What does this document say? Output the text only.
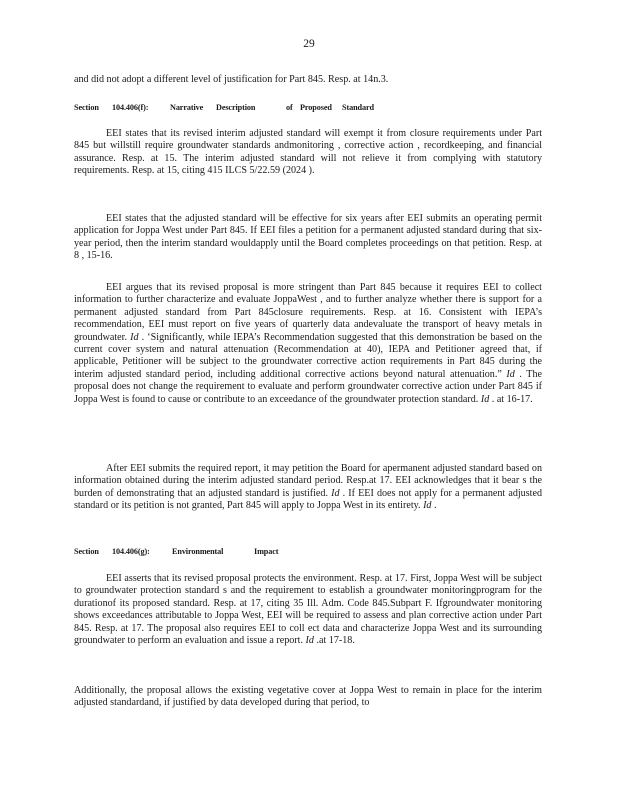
29

and did not adopt a different level of justification for Part 845. Resp. at 14n.3.

Section 104.406(f):	Narrative Description	of Proposed Standard

EEI states that its revised interim adjusted standard will exempt it from closure requirements under Part 845 but willstill require groundwater standards andmonitoring , corrective action , recordkeeping, and financial assurance. Resp. at 15. The interim adjusted standard will not relieve it from complying with statutory requirements. Resp. at 15, citing 415 ILCS 5/22.59 (2024 ).

EEI states that the adjusted standard will be effective for six years after EEI submits an operating permit application for Joppa West under Part 845. If EEI files a petition for a permanent adjusted standard during that six-year period, then the interim standard wouldapply until the Board completes proceedings on that petition. Resp. at 8 , 15-16.

EEI argues that its revised proposal is more stringent than Part 845 because it requires EEI to collect information to further characterize and evaluate JoppaWest , and to further analyze whether there is support for a permanent adjusted standard from Part 845closure requirements. Resp. at 16. Consistent with IEPA’s recommendation, EEI must report on five years of quarterly data andevaluate the transport of heavy metals in groundwater. Id . ‘Significantly, while IEPA’s Recommendation suggested that this demonstration be based on the current cover system and natural attenuation (Recommendation at 40), IEPA and Petitioner agreed that, if applicable, Petitioner will be subject to the groundwater corrective action requirements in Part 845 during the interim adjusted standard period, including additional corrective actions beyond natural attenuation.” Id . The proposal does not change the requirement to evaluate and perform groundwater corrective action under Part 845 if Joppa West is found to cause or contribute to an exceedance of the groundwater protection standard. Id . at 16-17.

After EEI submits the required report, it may petition the Board for apermanent adjusted standard based on information obtained during the interim adjusted standard period. Resp.at 17. EEI acknowledges that it bear s the burden of demonstrating that an adjusted standard is justified. Id . If EEI does not apply for a permanent adjusted standard or its petition is not granted, Part 845 will apply to Joppa West in its entirety. Id .

Section 104.406(g):	Environmental	Impact

EEI asserts that its revised proposal protects the environment. Resp. at 17. First, Joppa West will be subject to groundwater protection standard s and the requirement to establish a groundwater monitoringprogram for the durationof its proposed standard. Resp. at 17, citing 35 Ill. Adm. Code 845.Subpart F. Ifgroundwater monitoring shows exceedances attributable to Joppa West, EEI will be required to assess and plan corrective action under Part 845. Resp. at 17. The proposal also requires EEI to coll ect data and characterize Joppa West and its surrounding groundwater to perform an evaluation and issue a report. Id .at 17-18.

Additionally, the proposal allows the existing vegetative cover at Joppa West to remain in place for the interim adjusted standardand, if justified by data developed during that period, to
